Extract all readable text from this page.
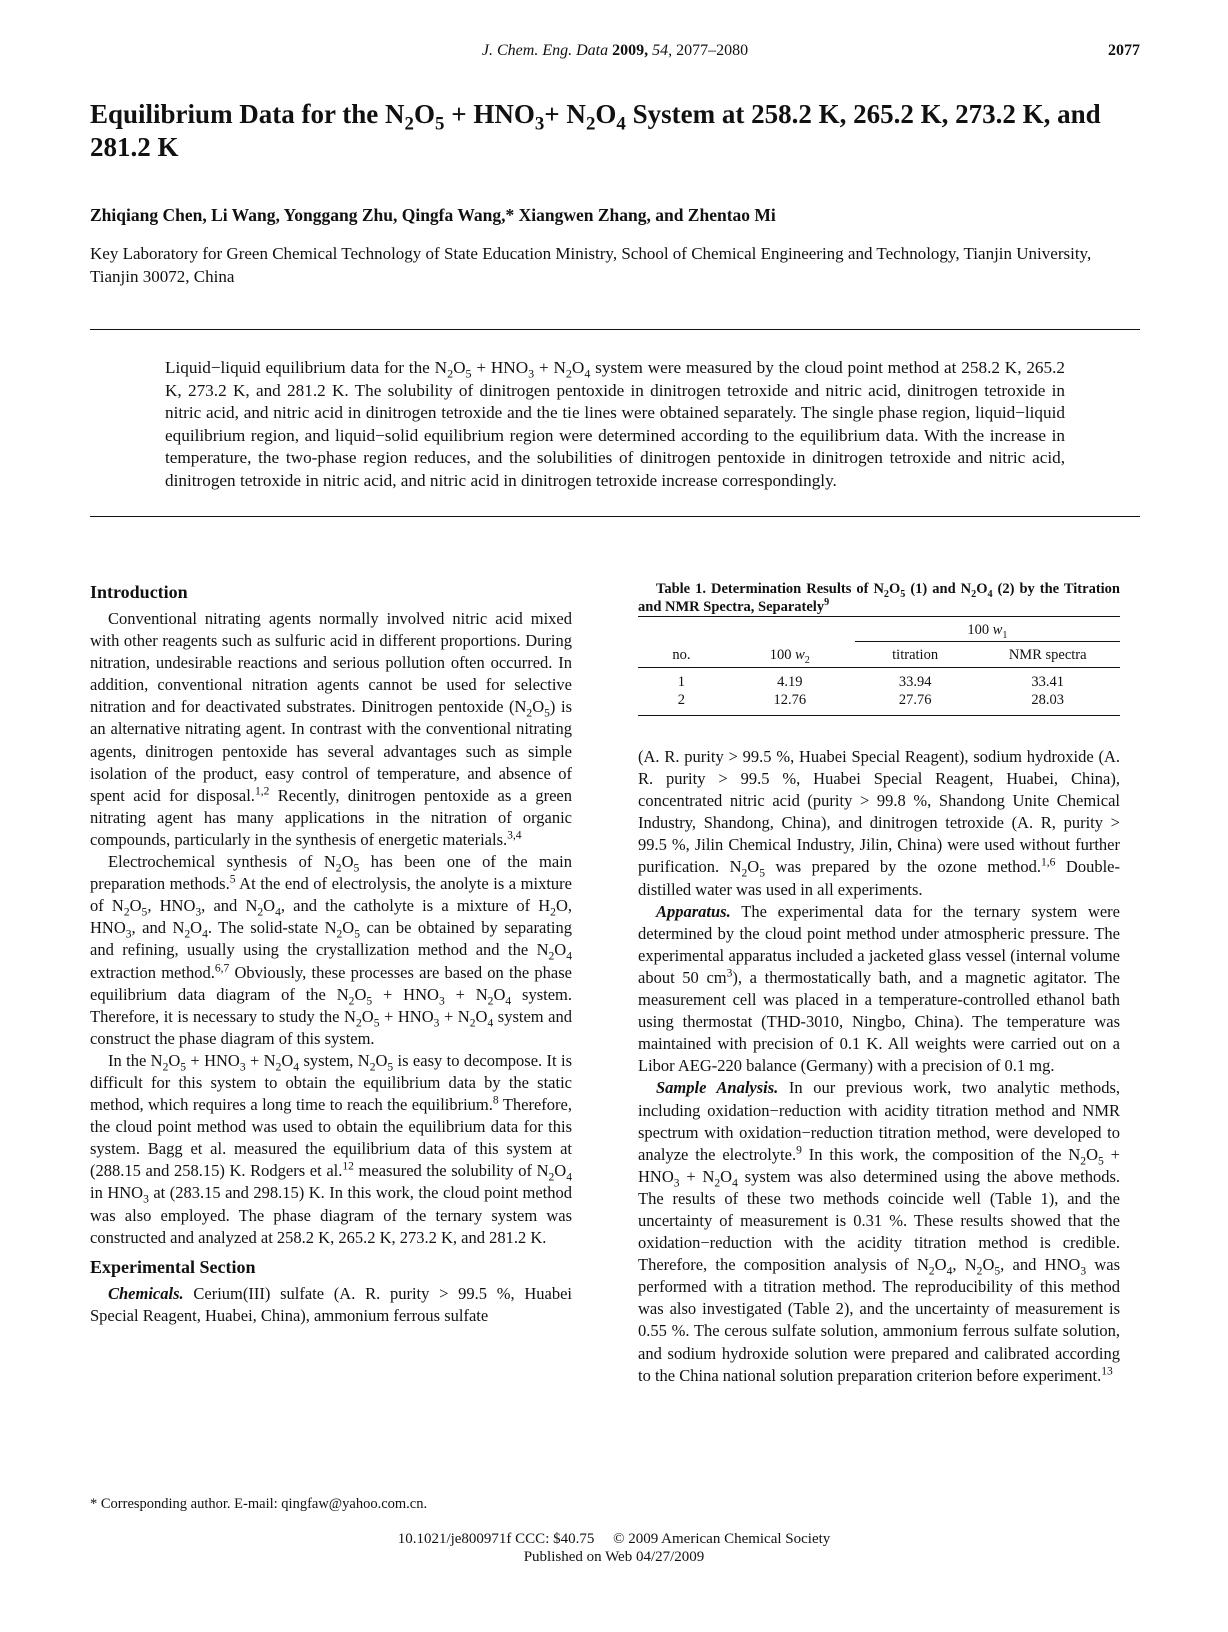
J. Chem. Eng. Data 2009, 54, 2077–2080	2077
Equilibrium Data for the $N_2O_5 + HNO_3+ N_2O_4$ System at 258.2 K, 265.2 K, 273.2 K, and 281.2 K

Zhiqiang Chen, Li Wang, Yonggang Zhu, Qingfa Wang,* Xiangwen Zhang, and Zhentao Mi

Key Laboratory for Green Chemical Technology of State Education Ministry, School of Chemical Engineering and Technology, Tianjin University, Tianjin 30072, China

Liquid−liquid equilibrium data for the $N_2O_5 + HNO_3 + N_2O_4$ system were measured by the cloud point method at 258.2 K, 265.2 K, 273.2 K, and 281.2 K. The solubility of dinitrogen pentoxide in dinitrogen tetroxide and nitric acid, dinitrogen tetroxide in nitric acid, and nitric acid in dinitrogen tetroxide and the tie lines were obtained separately. The single phase region, liquid−liquid equilibrium region, and liquid−solid equilibrium region were determined according to the equilibrium data. With the increase in temperature, the two-phase region reduces, and the solubilities of dinitrogen pentoxide in dinitrogen tetroxide and nitric acid, dinitrogen tetroxide in nitric acid, and nitric acid in dinitrogen tetroxide increase correspondingly.

Introduction

Conventional nitrating agents normally involved nitric acid mixed with other reagents such as sulfuric acid in different proportions. During nitration, undesirable reactions and serious pollution often occurred. In addition, conventional nitration agents cannot be used for selective nitration and for deactivated substrates. Dinitrogen pentoxide $(N_2O_5)$ is an alternative nitrating agent. In contrast with the conventional nitrating agents, dinitrogen pentoxide has several advantages such as simple isolation of the product, easy control of temperature, and absence of spent acid for disposal.$^{1,2}$ Recently, dinitrogen pentoxide as a green nitrating agent has many applications in the nitration of organic compounds, particularly in the synthesis of energetic materials.$^{3,4}$

Electrochemical synthesis of $N_2O_5$ has been one of the main preparation methods.$^5$ At the end of electrolysis, the anolyte is a mixture of $N_2O_5$, $HNO_3$, and $N_2O_4$, and the catholyte is a mixture of $H_2O$, $HNO_3$, and $N_2O_4$. The solid-state $N_2O_5$ can be obtained by separating and refining, usually using the crystallization method and the $N_2O_4$ extraction method.$^{6,7}$ Obviously, these processes are based on the phase equilibrium data diagram of the $N_2O_5 + HNO_3 + N_2O_4$ system. Therefore, it is necessary to study the $N_2O_5 + HNO_3 + N_2O_4$ system and construct the phase diagram of this system.

In the $N_2O_5 + HNO_3 + N_2O_4$ system, $N_2O_5$ is easy to decompose. It is difficult for this system to obtain the equilibrium data by the static method, which requires a long time to reach the equilibrium.$^8$ Therefore, the cloud point method was used to obtain the equilibrium data for this system. Bagg et al. measured the equilibrium data of this system at (288.15 and 258.15) K. Rodgers et al.$^{12}$ measured the solubility of $N_2O_4$ in $HNO_3$ at (283.15 and 298.15) K. In this work, the cloud point method was also employed. The phase diagram of the ternary system was constructed and analyzed at 258.2 K, 265.2 K, 273.2 K, and 281.2 K.

Experimental Section

Chemicals. Cerium(III) sulfate (A. R. purity > 99.5 %, Huabei Special Reagent, Huabei, China), ammonium ferrous sulfate

Table 1. Determination Results of $N_2O_5$ (1) and $N_2O_4$ (2) by the Titration and NMR Spectra, Separately$^9$

		100 $w_1$
no.	100 $w_2$	titration	NMR spectra
1	4.19	33.94	33.41
2	12.76	27.76	28.03

(A. R. purity > 99.5 %, Huabei Special Reagent), sodium hydroxide (A. R. purity > 99.5 %, Huabei Special Reagent, Huabei, China), concentrated nitric acid (purity > 99.8 %, Shandong Unite Chemical Industry, Shandong, China), and dinitrogen tetroxide (A. R, purity > 99.5 %, Jilin Chemical Industry, Jilin, China) were used without further purification. $N_2O_5$ was prepared by the ozone method.$^{1,6}$ Double-distilled water was used in all experiments.

Apparatus. The experimental data for the ternary system were determined by the cloud point method under atmospheric pressure. The experimental apparatus included a jacketed glass vessel (internal volume about 50 $cm^3$), a thermostatically bath, and a magnetic agitator. The measurement cell was placed in a temperature-controlled ethanol bath using thermostat (THD-3010, Ningbo, China). The temperature was maintained with precision of 0.1 K. All weights were carried out on a Libor AEG-220 balance (Germany) with a precision of 0.1 mg.

Sample Analysis. In our previous work, two analytic methods, including oxidation−reduction with acidity titration method and NMR spectrum with oxidation−reduction titration method, were developed to analyze the electrolyte.$^9$ In this work, the composition of the $N_2O_5 + HNO_3 + N_2O_4$ system was also determined using the above methods. The results of these two methods coincide well (Table 1), and the uncertainty of measurement is 0.31 %. These results showed that the oxidation−reduction with the acidity titration method is credible. Therefore, the composition analysis of $N_2O_4$, $N_2O_5$, and $HNO_3$ was performed with a titration method. The reproducibility of this method was also investigated (Table 2), and the uncertainty of measurement is 0.55 %. The cerous sulfate solution, ammonium ferrous sulfate solution, and sodium hydroxide solution were prepared and calibrated according to the China national solution preparation criterion before experiment.$^{13}$

* Corresponding author. E-mail: qingfaw@yahoo.com.cn.
10.1021/je800971f CCC: $40.75 © 2009 American Chemical Society
Published on Web 04/27/2009
